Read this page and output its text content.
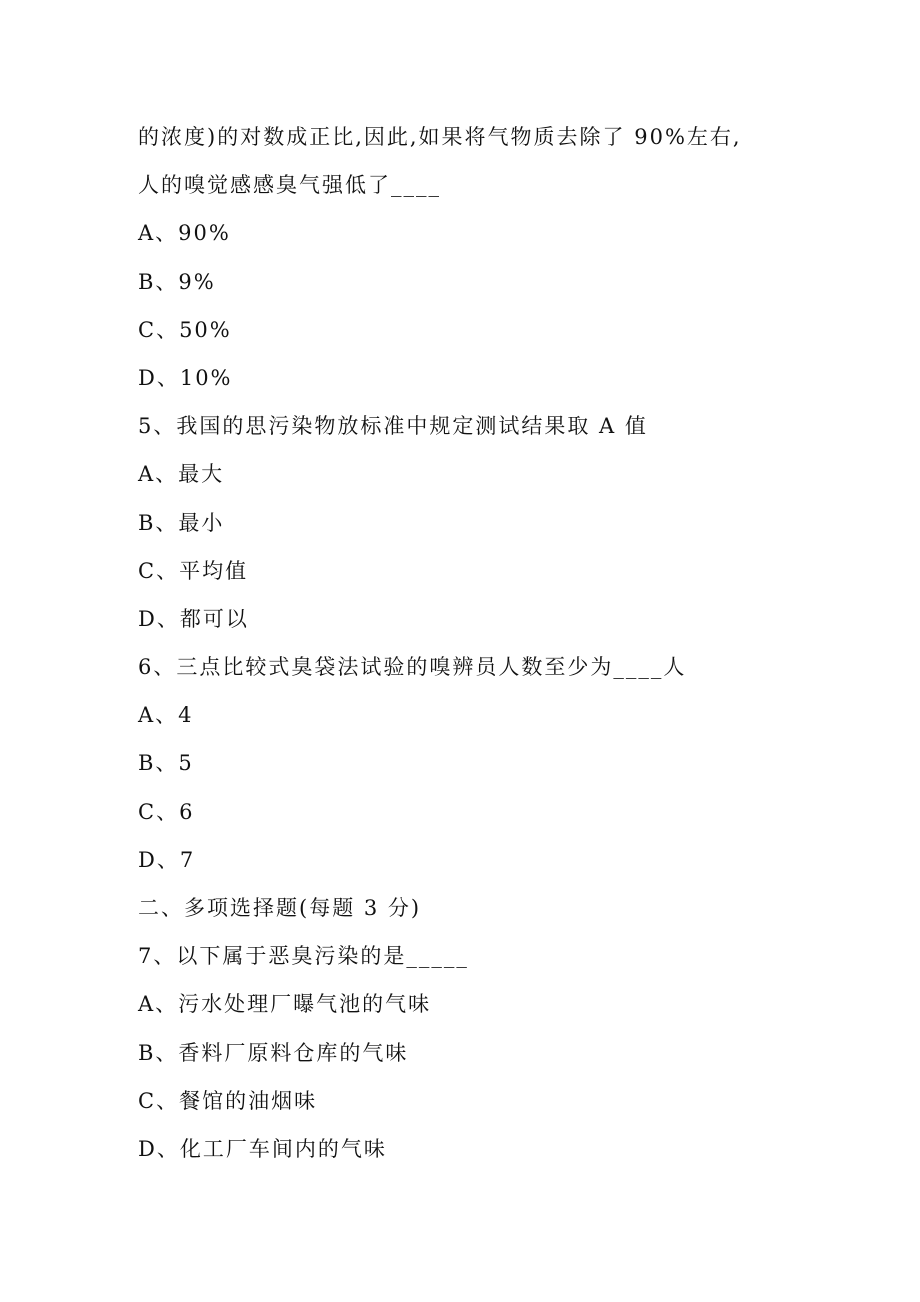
的浓度)的对数成正比,因此,如果将气物质去除了 90%左右,
人的嗅觉感感臭气强低了____
A、90%
B、9%
C、50%
D、10%
5、我国的思污染物放标准中规定测试结果取 A 值
A、最大
B、最小
C、平均值
D、都可以
6、三点比较式臭袋法试验的嗅辨员人数至少为____人
A、4
B、5
C、6
D、7
二、多项选择题(每题 3 分)
7、以下属于恶臭污染的是_____
A、污水处理厂曝气池的气味
B、香料厂原料仓库的气味
C、餐馆的油烟味
D、化工厂车间内的气味
